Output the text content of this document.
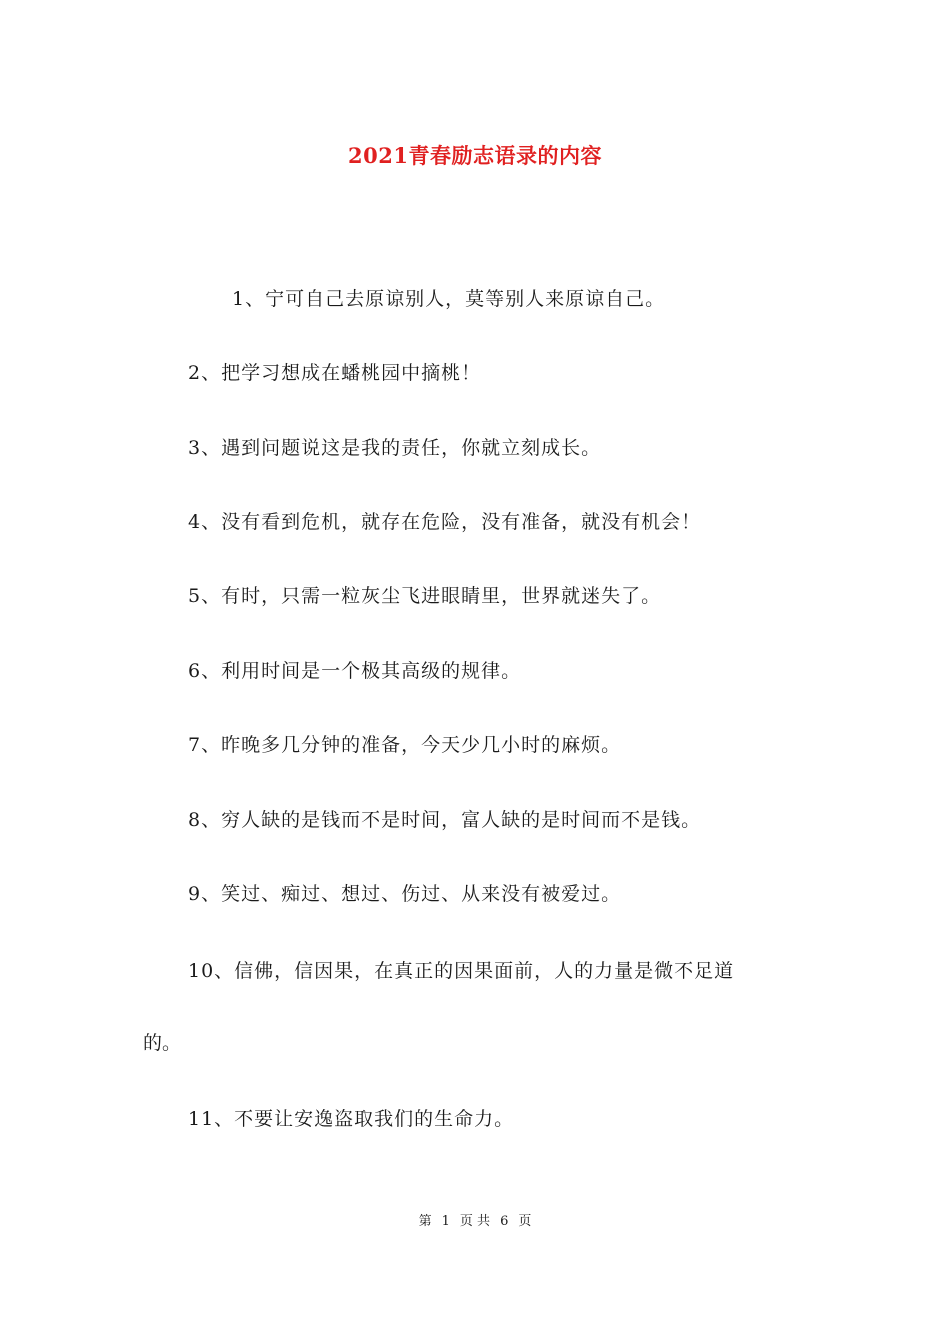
2021青春励志语录的内容
1、宁可自己去原谅别人，莫等别人来原谅自己。
2、把学习想成在蟠桃园中摘桃！
3、遇到问题说这是我的责任，你就立刻成长。
4、没有看到危机，就存在危险，没有准备，就没有机会！
5、有时，只需一粒灰尘飞进眼睛里，世界就迷失了。
6、利用时间是一个极其高级的规律。
7、昨晚多几分钟的准备，今天少几小时的麻烦。
8、穷人缺的是钱而不是时间，富人缺的是时间而不是钱。
9、笑过、痴过、想过、伤过、从来没有被爱过。
10、信佛，信因果，在真正的因果面前，人的力量是微不足道
的。
11、不要让安逸盗取我们的生命力。
第 1 页 共 6 页
